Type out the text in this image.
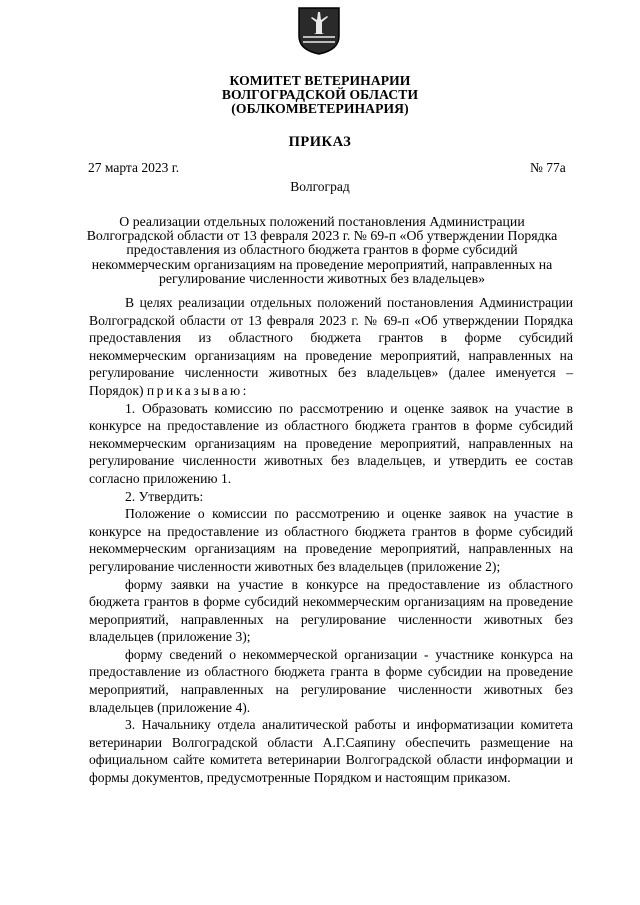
КОМИТЕТ ВЕТЕРИНАРИИ
ВОЛГОГРАДСКОЙ ОБЛАСТИ
(ОБЛКОМВЕТЕРИНАРИЯ)
ПРИКАЗ
27 марта 2023 г.	№ 77а
Волгоград
О реализации отдельных положений постановления Администрации Волгоградской области от 13 февраля 2023 г. № 69-п «Об утверждении Порядка предоставления из областного бюджета грантов в форме субсидий некоммерческим организациям на проведение мероприятий, направленных на регулирование численности животных без владельцев»

В целях реализации отдельных положений постановления Администрации Волгоградской области от 13 февраля 2023 г. № 69-п «Об утверждении Порядка предоставления из областного бюджета грантов в форме субсидий некоммерческим организациям на проведение мероприятий, направленных на регулирование численности животных без владельцев» (далее именуется – Порядок) приказываю:

1. Образовать комиссию по рассмотрению и оценке заявок на участие в конкурсе на предоставление из областного бюджета грантов в форме субсидий некоммерческим организациям на проведение мероприятий, направленных на регулирование численности животных без владельцев, и утвердить ее состав согласно приложению 1.

2. Утвердить:

Положение о комиссии по рассмотрению и оценке заявок на участие в конкурсе на предоставление из областного бюджета грантов в форме субсидий некоммерческим организациям на проведение мероприятий, направленных на регулирование численности животных без владельцев (приложение 2);

форму заявки на участие в конкурсе на предоставление из областного бюджета грантов в форме субсидий некоммерческим организациям на проведение мероприятий, направленных на регулирование численности животных без владельцев (приложение 3);

форму сведений о некоммерческой организации - участнике конкурса на предоставление из областного бюджета гранта в форме субсидии на проведение мероприятий, направленных на регулирование численности животных без владельцев (приложение 4).

3. Начальнику отдела аналитической работы и информатизации комитета ветеринарии Волгоградской области А.Г.Саяпину обеспечить размещение на официальном сайте комитета ветеринарии Волгоградской области информации и формы документов, предусмотренные Порядком и настоящим приказом.
